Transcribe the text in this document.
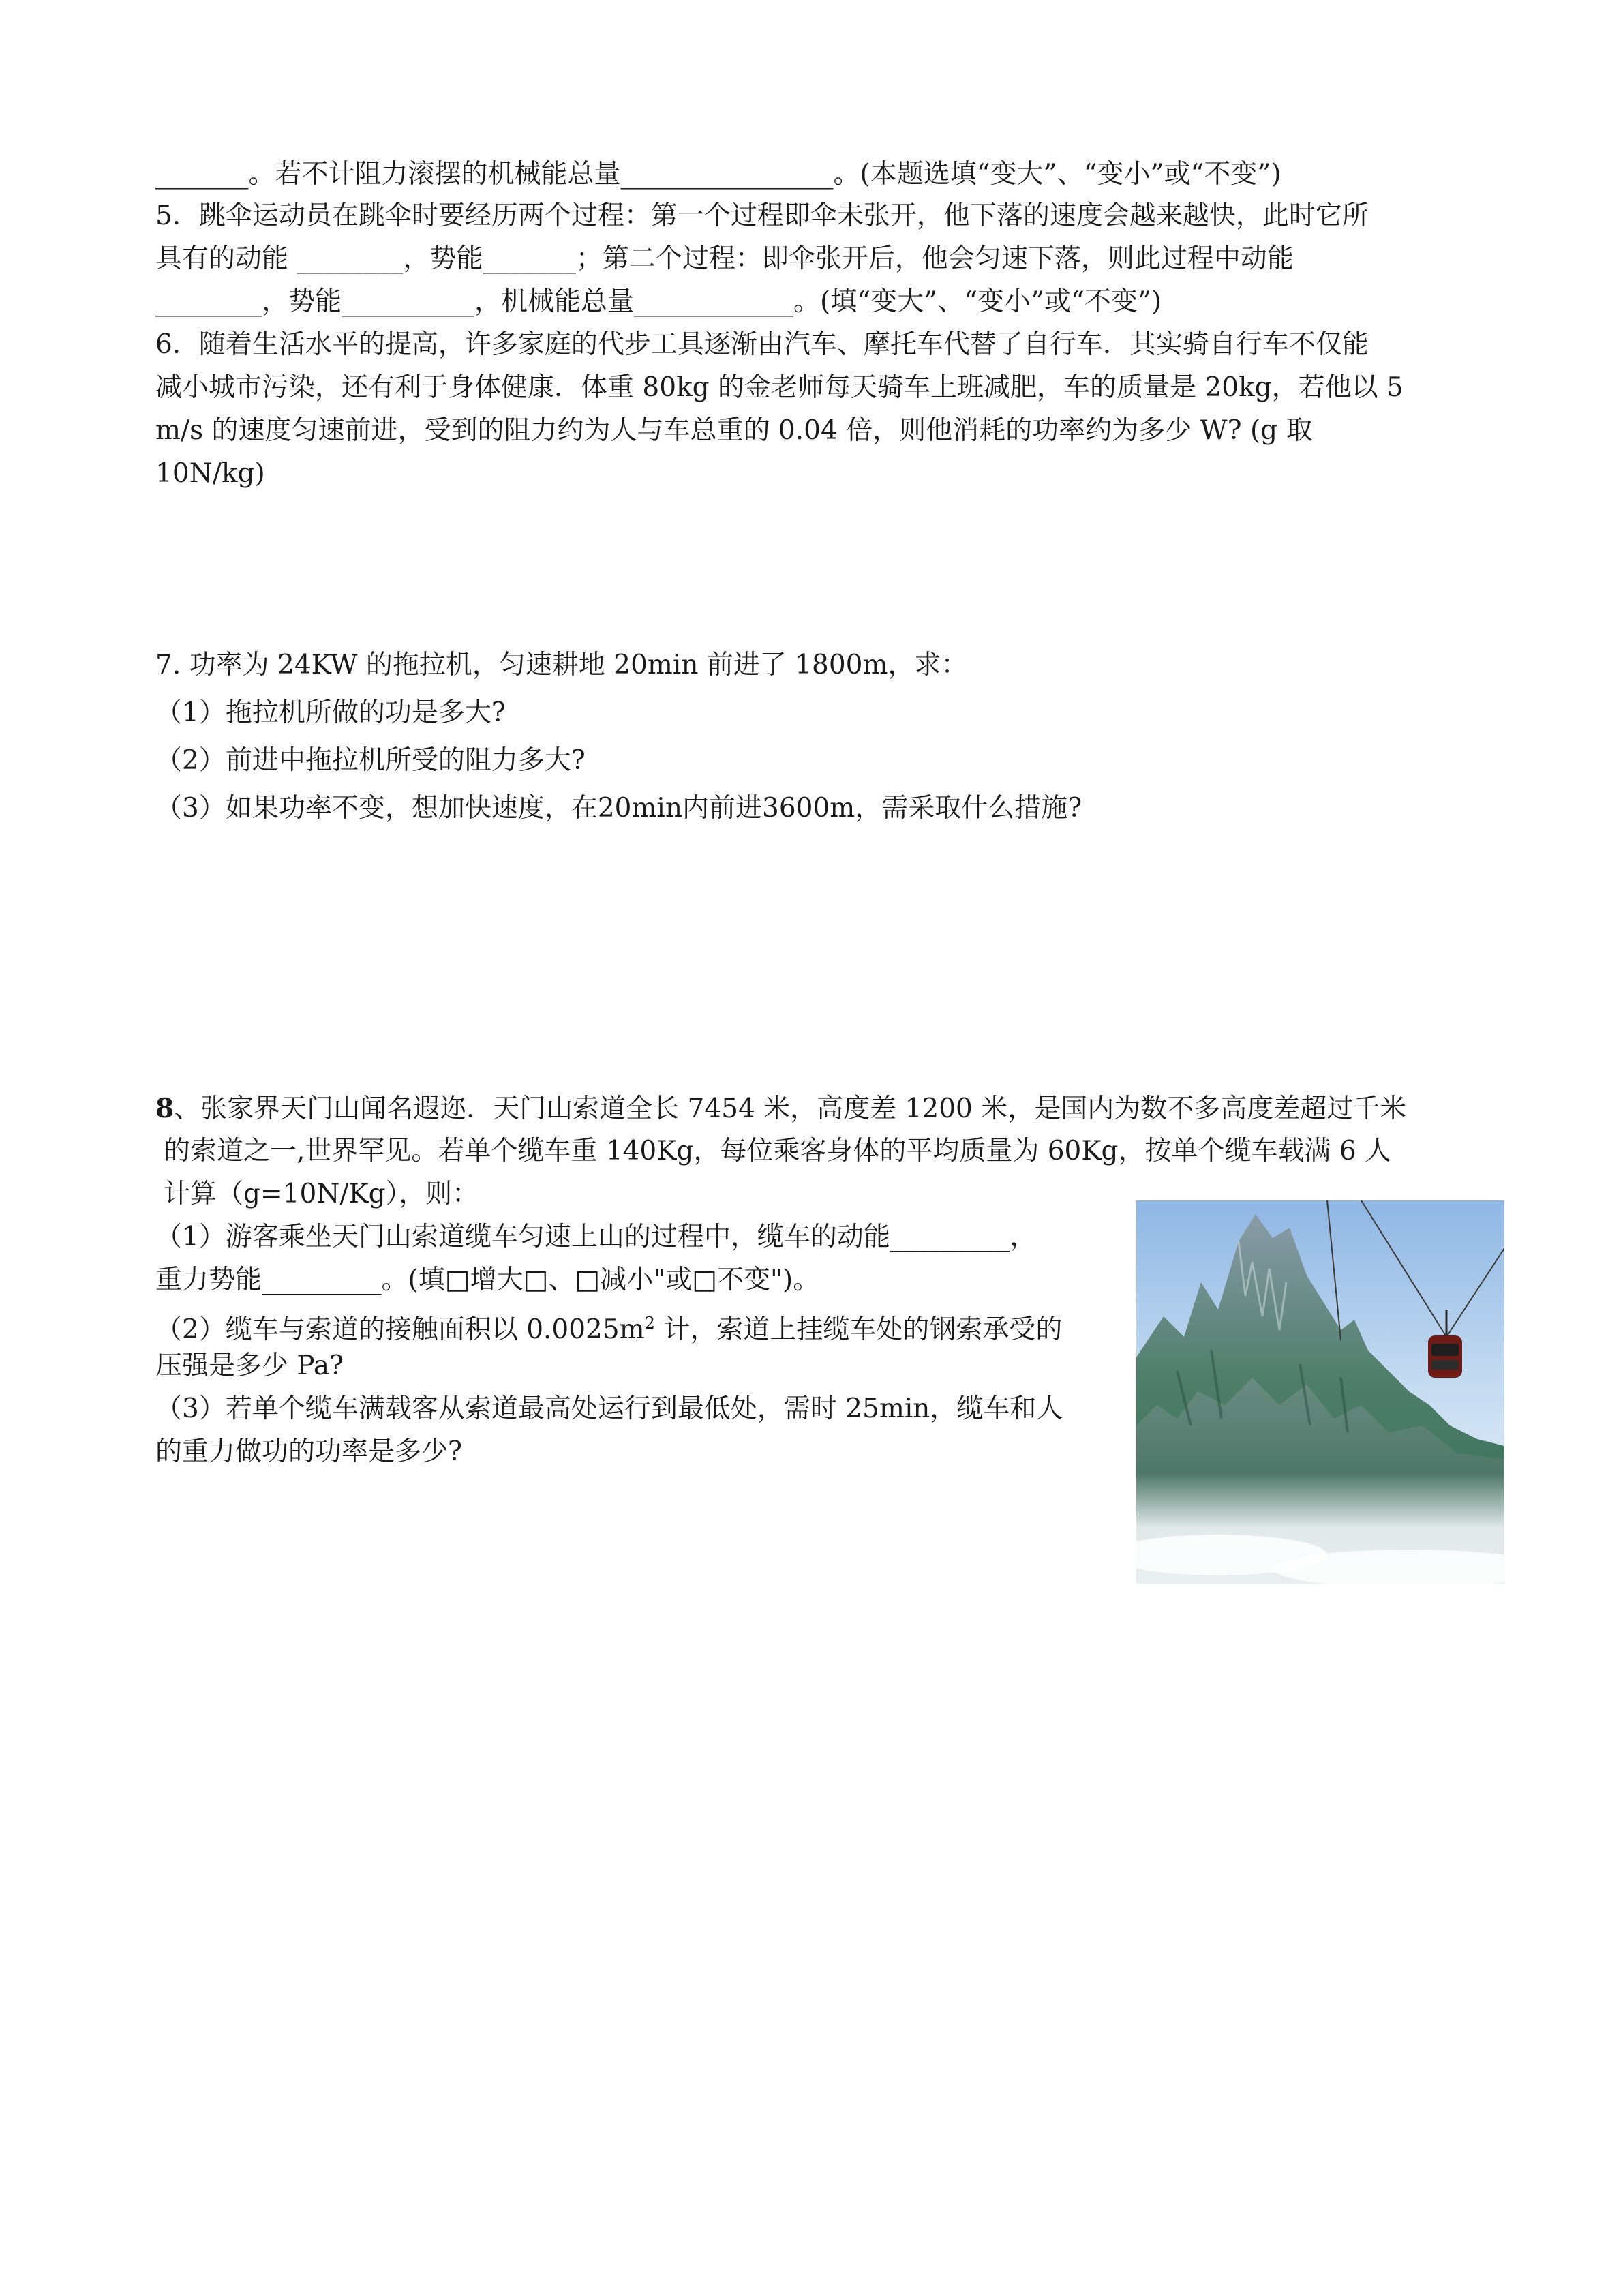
_______。若不计阻力滚摆的机械能总量________________。(本题选填“变大”、“变小”或“不变”)
5．跳伞运动员在跳伞时要经历两个过程：第一个过程即伞未张开，他下落的速度会越来越快，此时它所
具有的动能 ________，势能_______；第二个过程：即伞张开后，他会匀速下落，则此过程中动能
________，势能__________，机械能总量____________。(填“变大”、“变小”或“不变”)
6．随着生活水平的提高，许多家庭的代步工具逐渐由汽车、摩托车代替了自行车．其实骑自行车不仅能
减小城市污染，还有利于身体健康．体重 80kg 的金老师每天骑车上班减肥，车的质量是 20kg，若他以 5
m/s 的速度匀速前进，受到的阻力约为人与车总重的 0.04 倍，则他消耗的功率约为多少 W? (g 取
10N/kg)
7. 功率为 24KW 的拖拉机，匀速耕地 20min 前进了 1800m，求：
（1）拖拉机所做的功是多大?
（2）前进中拖拉机所受的阻力多大?
（3）如果功率不变，想加快速度，在20min内前进3600m，需采取什么措施?
8、张家界天门山闻名遐迩．天门山索道全长 7454 米，高度差 1200 米，是国内为数不多高度差超过千米
的索道之一,世界罕见。若单个缆车重 140Kg，每位乘客身体的平均质量为 60Kg，按单个缆车载满 6 人
计算（g=10N/Kg），则：
（1）游客乘坐天门山索道缆车匀速上山的过程中，缆车的动能_________，
重力势能_________。(填□增大□、□减小"或□不变")。
（2）缆车与索道的接触面积以 $0.0025m^2$ 计，索道上挂缆车处的钢索承受的
压强是多少 Pa?
（3）若单个缆车满载客从索道最高处运行到最低处，需时 25min，缆车和人
的重力做功的功率是多少?
